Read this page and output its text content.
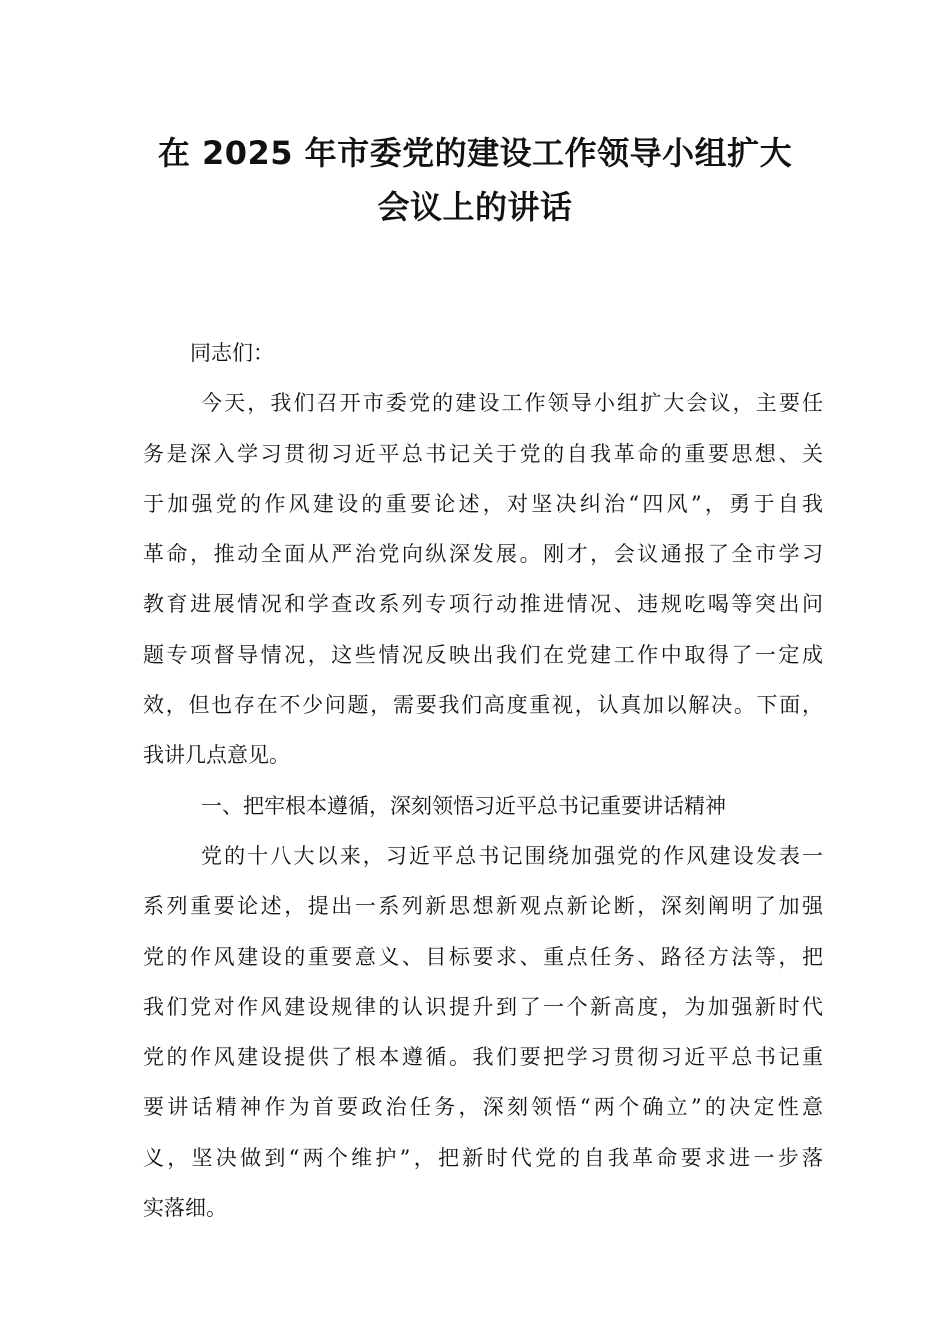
在 2025 年市委党的建设工作领导小组扩大
会议上的讲话
同志们：
今天，我们召开市委党的建设工作领导小组扩大会议，主要任
务是深入学习贯彻习近平总书记关于党的自我革命的重要思想、关
于加强党的作风建设的重要论述，对坚决纠治“四风”，勇于自我
革命，推动全面从严治党向纵深发展。刚才，会议通报了全市学习
教育进展情况和学查改系列专项行动推进情况、违规吃喝等突出问
题专项督导情况，这些情况反映出我们在党建工作中取得了一定成
效，但也存在不少问题，需要我们高度重视，认真加以解决。下面，
我讲几点意见。
一、把牢根本遵循，深刻领悟习近平总书记重要讲话精神
党的十八大以来，习近平总书记围绕加强党的作风建设发表一
系列重要论述，提出一系列新思想新观点新论断，深刻阐明了加强
党的作风建设的重要意义、目标要求、重点任务、路径方法等，把
我们党对作风建设规律的认识提升到了一个新高度，为加强新时代
党的作风建设提供了根本遵循。我们要把学习贯彻习近平总书记重
要讲话精神作为首要政治任务，深刻领悟“两个确立”的决定性意
义，坚决做到“两个维护”，把新时代党的自我革命要求进一步落
实落细。
